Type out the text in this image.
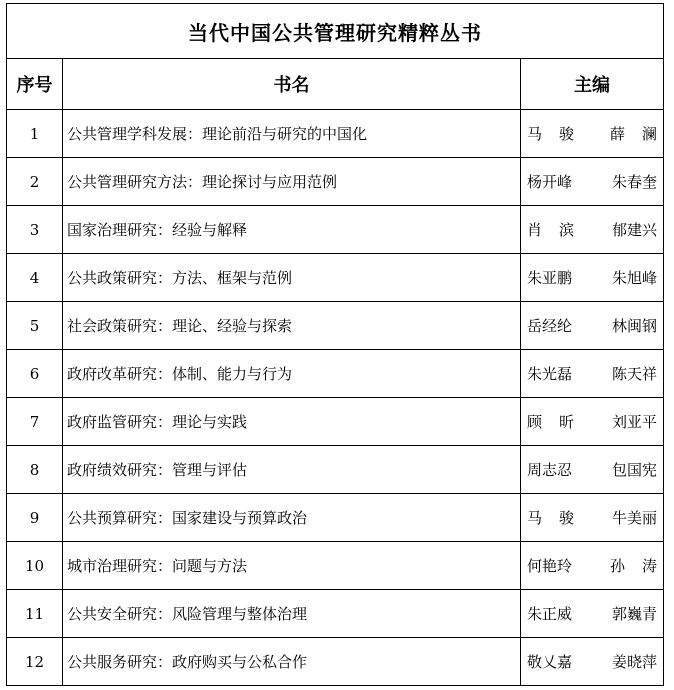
当代中国公共管理研究精粹丛书		
序号	书名	主编
1	公共管理学科发展：理论前沿与研究的中国化	马骏 薛澜

2	公共管理研究方法：理论探讨与应用范例	杨开峰 朱春奎

3	国家治理研究：经验与解释	肖滨 郁建兴

4	公共政策研究：方法、框架与范例	朱亚鹏 朱旭峰

5	社会政策研究：理论、经验与探索	岳经纶 林闽钢

6	政府改革研究：体制、能力与行为	朱光磊 陈天祥

7	政府监管研究：理论与实践	顾昕 刘亚平

8	政府绩效研究：管理与评估	周志忍 包国宪

9	公共预算研究：国家建设与预算政治	马骏 牛美丽

10	城市治理研究：问题与方法	何艳玲 孙涛

11	公共安全研究：风险管理与整体治理	朱正威 郭巍青

12	公共服务研究：政府购买与公私合作	敬乂嘉 姜晓萍
